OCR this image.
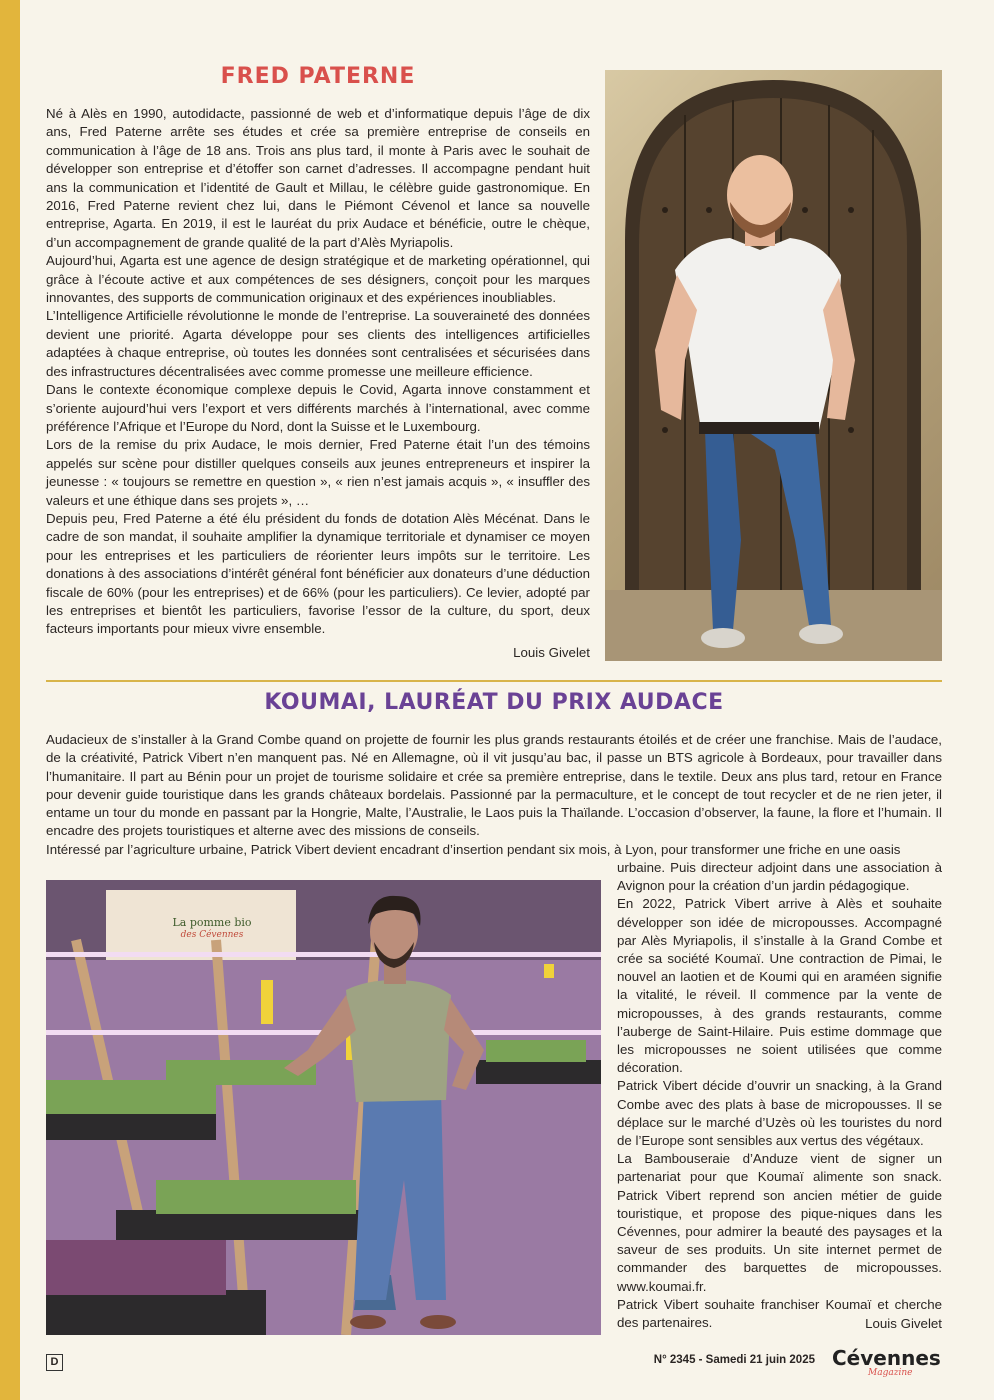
FRED PATERNE

Né à Alès en 1990, autodidacte, passionné de web et d’informatique depuis l’âge de dix ans, Fred Paterne arrête ses études et crée sa première entreprise de conseils en communication à l’âge de 18 ans. Trois ans plus tard, il monte à Paris avec le souhait de développer son entreprise et d’étoffer son carnet d’adresses. Il accompagne pendant huit ans la communication et l’identité de Gault et Millau, le célèbre guide gastronomique. En 2016, Fred Paterne revient chez lui, dans le Piémont Cévenol et lance sa nouvelle entreprise, Agarta. En 2019, il est le lauréat du prix Audace et bénéficie, outre le chèque, d’un accompagnement de grande qualité de la part d’Alès Myriapolis.

Aujourd’hui, Agarta est une agence de design stratégique et de marketing opérationnel, qui grâce à l’écoute active et aux compétences de ses désigners, conçoit pour les marques innovantes, des supports de communication originaux et des expériences inoubliables.

L’Intelligence Artificielle révolutionne le monde de l’entreprise. La souveraineté des données devient une priorité. Agarta développe pour ses clients des intelligences artificielles adaptées à chaque entreprise, où toutes les données sont centralisées et sécurisées dans des infrastructures décentralisées avec comme promesse une meilleure efficience.

Dans le contexte économique complexe depuis le Covid, Agarta innove constamment et s’oriente aujourd’hui vers l’export et vers différents marchés à l’international, avec comme préférence l’Afrique et l’Europe du Nord, dont la Suisse et le Luxembourg.

Lors de la remise du prix Audace, le mois dernier, Fred Paterne était l’un des témoins appelés sur scène pour distiller quelques conseils aux jeunes entrepreneurs et inspirer la jeunesse : « toujours se remettre en question », « rien n’est jamais acquis », « insuffler des valeurs et une éthique dans ses projets », …

Depuis peu, Fred Paterne a été élu président du fonds de dotation Alès Mécénat. Dans le cadre de son mandat, il souhaite amplifier la dynamique territoriale et dynamiser ce moyen pour les entreprises et les particuliers de réorienter leurs impôts sur le territoire. Les donations à des associations d’intérêt général font bénéficier aux donateurs d’une déduction fiscale de 60% (pour les entreprises) et de 66% (pour les particuliers). Ce levier, adopté par les entreprises et bientôt les particuliers, favorise l’essor de la culture, du sport, deux facteurs importants pour mieux vivre ensemble.

Louis Givelet
KOUMAI, LAURÉAT DU PRIX AUDACE

Audacieux de s’installer à la Grand Combe quand on projette de fournir les plus grands restaurants étoilés et de créer une franchise. Mais de l’audace, de la créativité, Patrick Vibert n’en manquent pas. Né en Allemagne, où il vit jusqu’au bac, il passe un BTS agricole à Bordeaux, pour travailler dans l’humanitaire. Il part au Bénin pour un projet de tourisme solidaire et crée sa première entreprise, dans le textile. Deux ans plus tard, retour en France pour devenir guide touristique dans les grands châteaux bordelais. Passionné par la permaculture, et le concept de tout recycler et de ne rien jeter, il entame un tour du monde en passant par la Hongrie, Malte, l’Australie, le Laos puis la Thaïlande. L’occasion d’observer, la faune, la flore et l’humain. Il encadre des projets touristiques et alterne avec des missions de conseils.

Intéressé par l’agriculture urbaine, Patrick Vibert devient encadrant d’insertion pendant six mois, à Lyon, pour transformer une friche en une oasis

La pomme bio
des Cévennes

urbaine. Puis directeur adjoint dans une association à Avignon pour la création d’un jardin pédagogique.

En 2022, Patrick Vibert arrive à Alès et souhaite développer son idée de micropousses. Accompagné par Alès Myriapolis, il s’installe à la Grand Combe et crée sa société Koumaï. Une contraction de Pimai, le nouvel an laotien et de Koumi qui en araméen signifie la vitalité, le réveil. Il commence par la vente de micropousses, à des grands restaurants, comme l’auberge de Saint-Hilaire. Puis estime dommage que les micropousses ne soient utilisées que comme décoration.

Patrick Vibert décide d’ouvrir un snacking, à la Grand Combe avec des plats à base de micropousses. Il se déplace sur le marché d’Uzès où les touristes du nord de l’Europe sont sensibles aux vertus des végétaux.

La Bambouseraie d’Anduze vient de signer un partenariat pour que Koumaï alimente son snack. Patrick Vibert reprend son ancien métier de guide touristique, et propose des pique-niques dans les Cévennes, pour admirer la beauté des paysages et la saveur de ses produits. Un site internet permet de commander des barquettes de micropousses. www.koumai.fr.

Patrick Vibert souhaite franchiser Koumaï et cherche des partenaires.	Louis Givelet
D	N° 2345 - Samedi 21 juin 2025 Cévennes
Magazine
